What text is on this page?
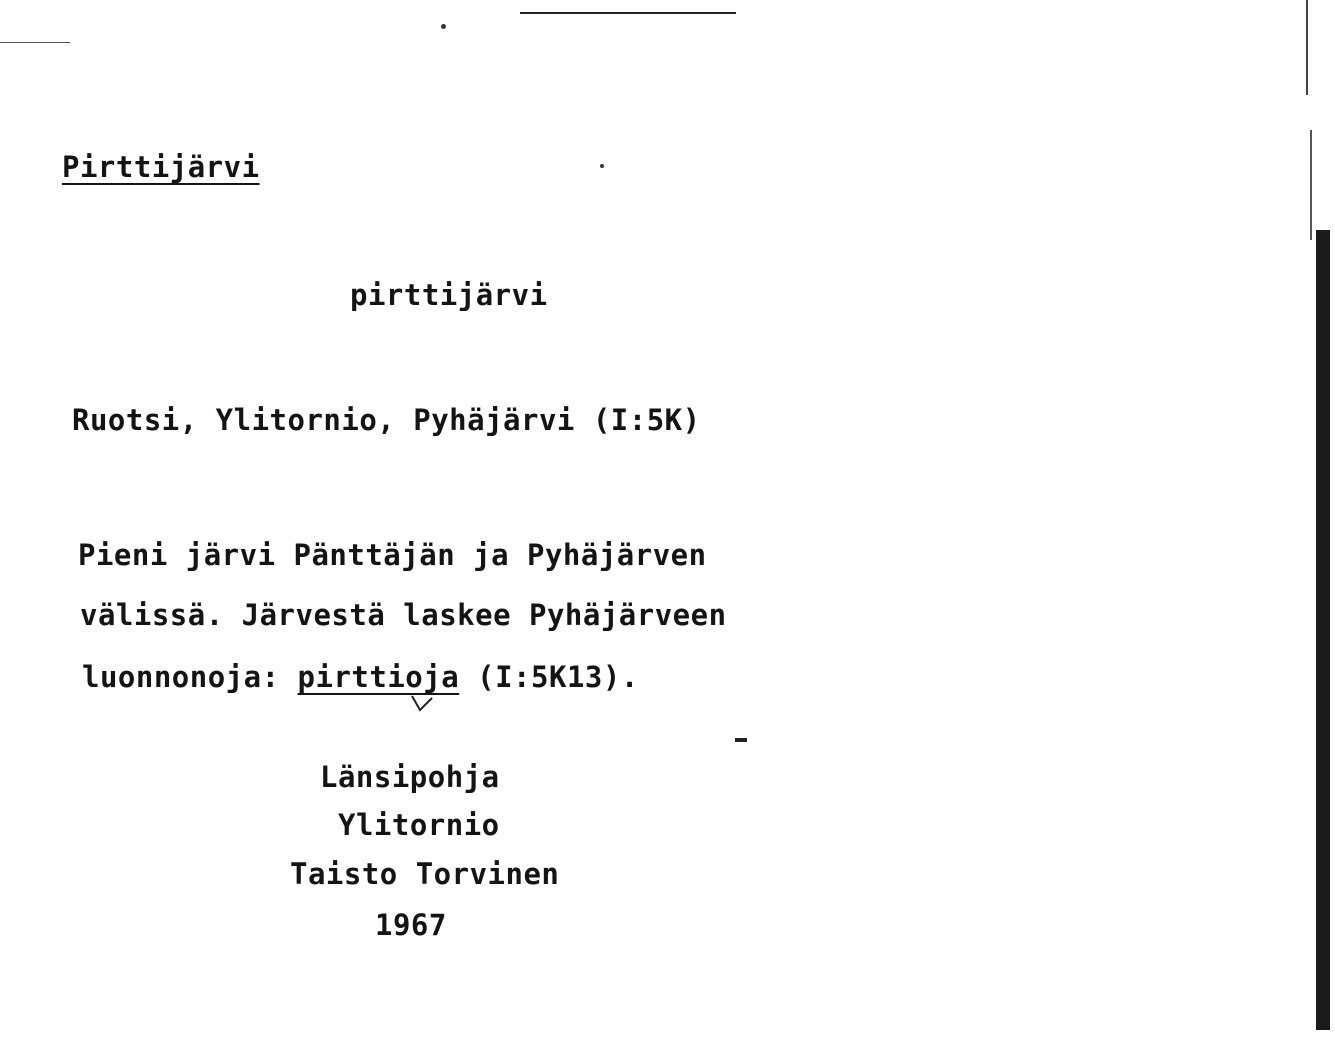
Pirttijärvi
pirttijärvi
Ruotsi, Ylitornio, Pyhäjärvi (I:5K)
Pieni järvi Pänttäjän ja Pyhäjärven
välissä. Järvestä laskee Pyhäjärveen
luonnonoja: pirttioja (I:5K13).
Länsipohja
Ylitornio
Taisto Torvinen
1967
